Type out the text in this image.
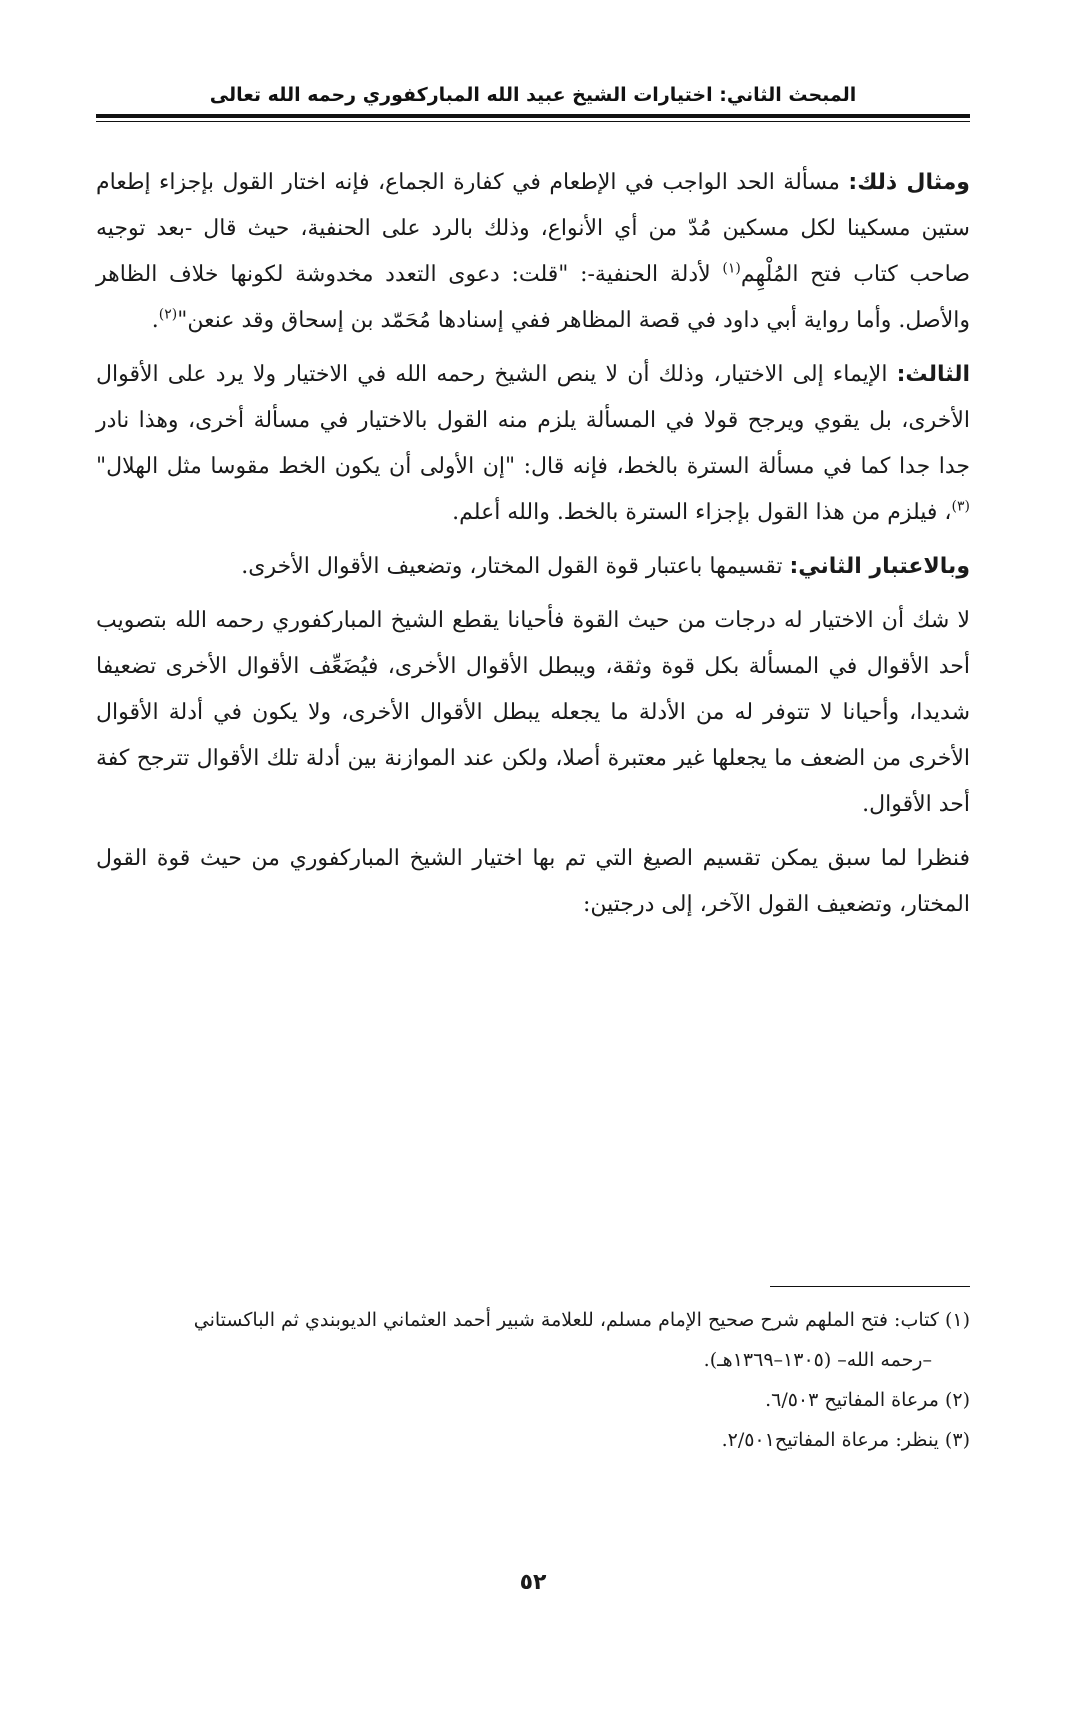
المبحث الثاني: اختيارات الشيخ عبيد الله المباركفوري رحمه الله تعالى

ومثال ذلك: مسألة الحد الواجب في الإطعام في كفارة الجماع، فإنه اختار القول بإجزاء إطعام ستين مسكينا لكل مسكين مُدّ من أي الأنواع، وذلك بالرد على الحنفية، حيث قال -بعد توجيه صاحب كتاب فتح المُلْهِم$^{(١)}$ لأدلة الحنفية-: "قلت: دعوى التعدد مخدوشة لكونها خلاف الظاهر والأصل. وأما رواية أبي داود في قصة المظاهر ففي إسنادها مُحَمّد بن إسحاق وقد عنعن"$^{(٢)}$.

الثالث: الإيماء إلى الاختيار، وذلك أن لا ينص الشيخ رحمه الله في الاختيار ولا يرد على الأقوال الأخرى، بل يقوي ويرجح قولا في المسألة يلزم منه القول بالاختيار في مسألة أخرى، وهذا نادر جدا جدا كما في مسألة السترة بالخط، فإنه قال: "إن الأولى أن يكون الخط مقوسا مثل الهلال"$^{(٣)}$، فيلزم من هذا القول بإجزاء السترة بالخط. والله أعلم.

وبالاعتبار الثاني: تقسيمها باعتبار قوة القول المختار، وتضعيف الأقوال الأخرى.

لا شك أن الاختيار له درجات من حيث القوة فأحيانا يقطع الشيخ المباركفوري رحمه الله بتصويب أحد الأقوال في المسألة بكل قوة وثقة، ويبطل الأقوال الأخرى، فيُضَعِّف الأقوال الأخرى تضعيفا شديدا، وأحيانا لا تتوفر له من الأدلة ما يجعله يبطل الأقوال الأخرى، ولا يكون في أدلة الأقوال الأخرى من الضعف ما يجعلها غير معتبرة أصلا، ولكن عند الموازنة بين أدلة تلك الأقوال تترجح كفة أحد الأقوال.

فنظرا لما سبق يمكن تقسيم الصيغ التي تم بها اختيار الشيخ المباركفوري من حيث قوة القول المختار، وتضعيف القول الآخر، إلى درجتين:

(١) كتاب: فتح الملهم شرح صحيح الإمام مسلم، للعلامة شبير أحمد العثماني الديوبندي ثم الباكستاني

–رحمه الله– (١٣٠٥–١٣٦٩هـ).

(٢) مرعاة المفاتيح ٦/٥٠٣.

(٣) ينظر: مرعاة المفاتيح٢/٥٠١.

٥٢
